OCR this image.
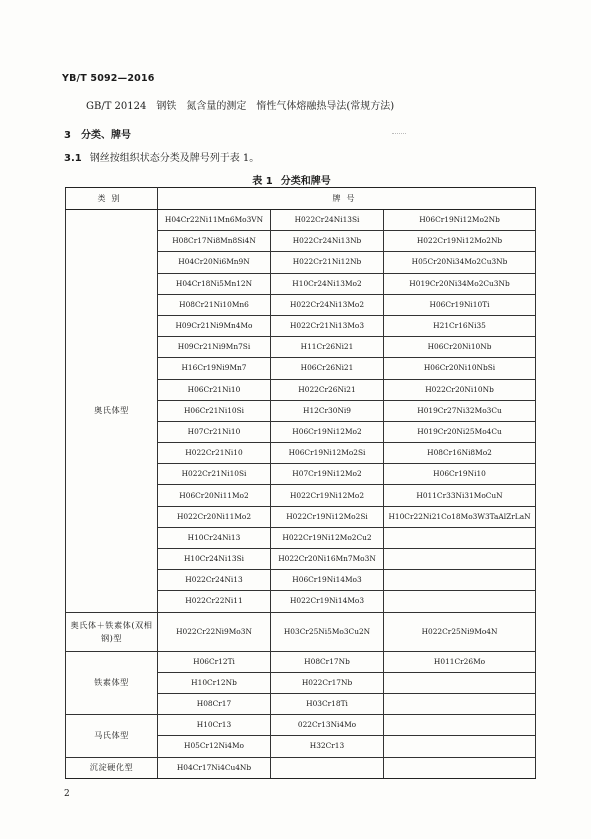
YB/T 5092—2016
GB/T 20124 钢铁 氮含量的测定 惰性气体熔融热导法(常规方法)
3 分类、牌号
3.1 钢丝按组织状态分类及牌号列于表 1。
表 1 分类和牌号
类别	牌号		
奥氏体型	H04Cr22Ni11Mn6Mo3VN	H022Cr24Ni13Si	H06Cr19Ni12Mo2Nb
	H08Cr17Ni8Mn8Si4N	H022Cr24Ni13Nb	H022Cr19Ni12Mo2Nb
	H04Cr20Ni6Mn9N	H022Cr21Ni12Nb	H05Cr20Ni34Mo2Cu3Nb
	H04Cr18Ni5Mn12N	H10Cr24Ni13Mo2	H019Cr20Ni34Mo2Cu3Nb
	H08Cr21Ni10Mn6	H022Cr24Ni13Mo2	H06Cr19Ni10Ti
	H09Cr21Ni9Mn4Mo	H022Cr21Ni13Mo3	H21Cr16Ni35
	H09Cr21Ni9Mn7Si	H11Cr26Ni21	H06Cr20Ni10Nb
	H16Cr19Ni9Mn7	H06Cr26Ni21	H06Cr20Ni10NbSi
	H06Cr21Ni10	H022Cr26Ni21	H022Cr20Ni10Nb
	H06Cr21Ni10Si	H12Cr30Ni9	H019Cr27Ni32Mo3Cu
	H07Cr21Ni10	H06Cr19Ni12Mo2	H019Cr20Ni25Mo4Cu
	H022Cr21Ni10	H06Cr19Ni12Mo2Si	H08Cr16Ni8Mo2
	H022Cr21Ni10Si	H07Cr19Ni12Mo2	H06Cr19Ni10
	H06Cr20Ni11Mo2	H022Cr19Ni12Mo2	H011Cr33Ni31MoCuN
	H022Cr20Ni11Mo2	H022Cr19Ni12Mo2Si	H10Cr22Ni21Co18Mo3W3TaAlZrLaN
	H10Cr24Ni13	H022Cr19Ni12Mo2Cu2	
	H10Cr24Ni13Si	H022Cr20Ni16Mn7Mo3N	
	H022Cr24Ni13	H06Cr19Ni14Mo3	
	H022Cr22Ni11	H022Cr19Ni14Mo3	
奥氏体＋铁素体(双相钢)型	H022Cr22Ni9Mo3N	H03Cr25Ni5Mo3Cu2N	H022Cr25Ni9Mo4N
铁素体型	H06Cr12Ti	H08Cr17Nb	H011Cr26Mo
	H10Cr12Nb	H022Cr17Nb	
	H08Cr17	H03Cr18Ti	
马氏体型	H10Cr13	022Cr13Ni4Mo	
	H05Cr12Ni4Mo	H32Cr13	
沉淀硬化型	H04Cr17Ni4Cu4Nb		
2
